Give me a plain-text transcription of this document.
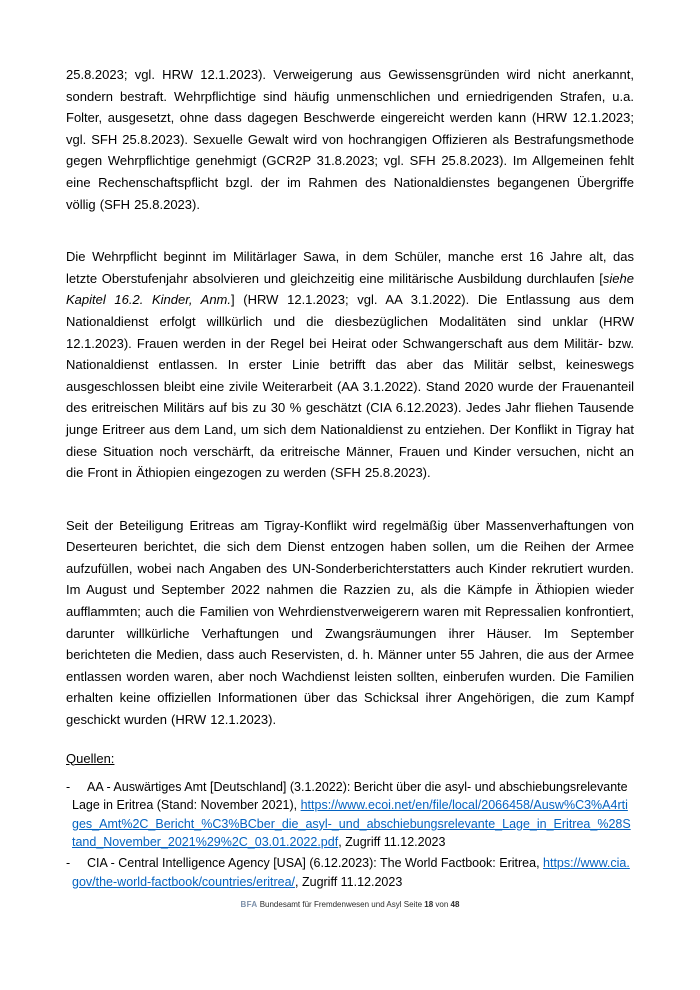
25.8.2023; vgl. HRW 12.1.2023). Verweigerung aus Gewissensgründen wird nicht anerkannt, sondern bestraft. Wehrpflichtige sind häufig unmenschlichen und erniedrigenden Strafen, u.a. Folter, ausgesetzt, ohne dass dagegen Beschwerde eingereicht werden kann (HRW 12.1.2023; vgl. SFH 25.8.2023). Sexuelle Gewalt wird von hochrangigen Offizieren als Bestrafungsmethode gegen Wehrpflichtige genehmigt (GCR2P 31.8.2023; vgl. SFH 25.8.2023). Im Allgemeinen fehlt eine Rechenschaftspflicht bzgl. der im Rahmen des Nationaldienstes begangenen Übergriffe völlig (SFH 25.8.2023).

Die Wehrpflicht beginnt im Militärlager Sawa, in dem Schüler, manche erst 16 Jahre alt, das letzte Oberstufenjahr absolvieren und gleichzeitig eine militärische Ausbildung durchlaufen [siehe Kapitel 16.2. Kinder, Anm.] (HRW 12.1.2023; vgl. AA 3.1.2022). Die Entlassung aus dem Nationaldienst erfolgt willkürlich und die diesbezüglichen Modalitäten sind unklar (HRW 12.1.2023). Frauen werden in der Regel bei Heirat oder Schwangerschaft aus dem Militär- bzw. Nationaldienst entlassen. In erster Linie betrifft das aber das Militär selbst, keineswegs ausgeschlossen bleibt eine zivile Weiterarbeit (AA 3.1.2022). Stand 2020 wurde der Frauenanteil des eritreischen Militärs auf bis zu 30 % geschätzt (CIA 6.12.2023). Jedes Jahr fliehen Tausende junge Eritreer aus dem Land, um sich dem Nationaldienst zu entziehen. Der Konflikt in Tigray hat diese Situation noch verschärft, da eritreische Männer, Frauen und Kinder versuchen, nicht an die Front in Äthiopien eingezogen zu werden (SFH 25.8.2023).

Seit der Beteiligung Eritreas am Tigray-Konflikt wird regelmäßig über Massenverhaftungen von Deserteuren berichtet, die sich dem Dienst entzogen haben sollen, um die Reihen der Armee aufzufüllen, wobei nach Angaben des UN-Sonderberichterstatters auch Kinder rekrutiert wurden. Im August und September 2022 nahmen die Razzien zu, als die Kämpfe in Äthiopien wieder aufflammten; auch die Familien von Wehrdienstverweigerern waren mit Repressalien konfrontiert, darunter willkürliche Verhaftungen und Zwangsräumungen ihrer Häuser. Im September berichteten die Medien, dass auch Reservisten, d. h. Männer unter 55 Jahren, die aus der Armee entlassen worden waren, aber noch Wachdienst leisten sollten, einberufen wurden. Die Familien erhalten keine offiziellen Informationen über das Schicksal ihrer Angehörigen, die zum Kampf geschickt wurden (HRW 12.1.2023).

Quellen:
- AA - Auswärtiges Amt [Deutschland] (3.1.2022): Bericht über die asyl- und abschiebungsrelevante Lage in Eritrea (Stand: November 2021), https://www.ecoi.net/en/file/local/2066458/Ausw%C3%A4rtiges_Amt%2C_Bericht_%C3%BCber_die_asyl-_und_abschiebungsrelevante_Lage_in_Eritrea_%28Stand_November_2021%29%2C_03.01.2022.pdf, Zugriff 11.12.2023
- CIA - Central Intelligence Agency [USA] (6.12.2023): The World Factbook: Eritrea, https://www.cia.gov/the-world-factbook/countries/eritrea/, Zugriff 11.12.2023
BFA Bundesamt für Fremdenwesen und Asyl Seite 18 von 48
